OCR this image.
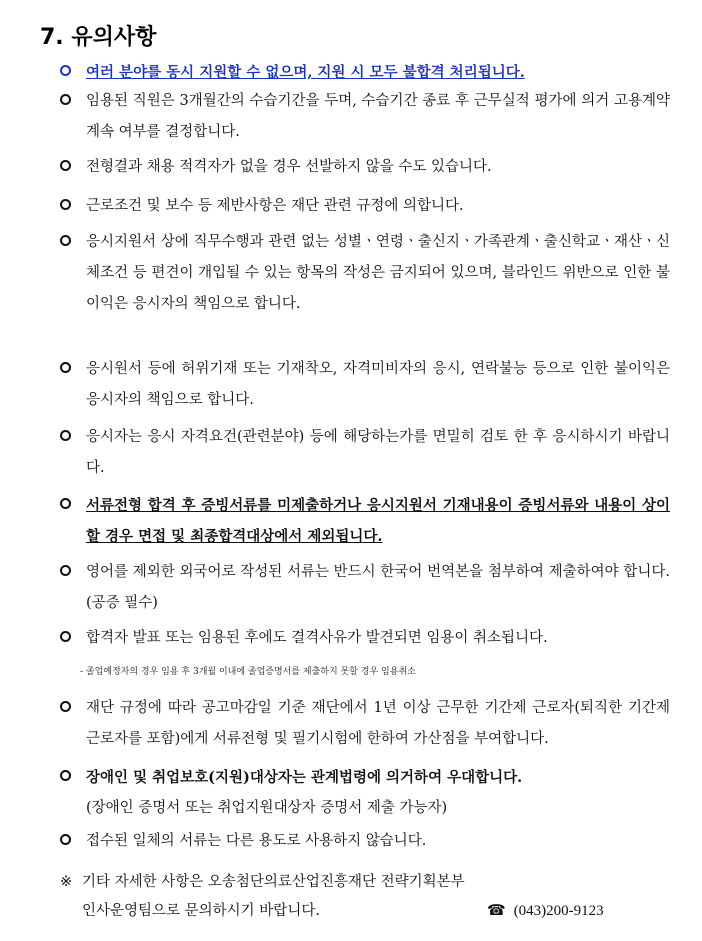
7. 유의사항
여러 분야를 동시 지원할 수 없으며, 지원 시 모두 불합격 처리됩니다.
임용된 직원은 3개월간의 수습기간을 두며, 수습기간 종료 후 근무실적 평가에 의거 고용계약 계속 여부를 결정합니다.
전형결과 채용 적격자가 없을 경우 선발하지 않을 수도 있습니다.
근로조건 및 보수 등 제반사항은 재단 관련 규정에 의합니다.
응시지원서 상에 직무수행과 관련 없는 성별ㆍ연령ㆍ출신지ㆍ가족관계ㆍ출신학교ㆍ재산ㆍ신체조건 등 편견이 개입될 수 있는 항목의 작성은 금지되어 있으며, 블라인드 위반으로 인한 불이익은 응시자의 책임으로 합니다.
응시원서 등에 허위기재 또는 기재착오, 자격미비자의 응시, 연락불능 등으로 인한 불이익은 응시자의 책임으로 합니다.
응시자는 응시 자격요건(관련분야) 등에 해당하는가를 면밀히 검토 한 후 응시하시기 바랍니다.
서류전형 합격 후 증빙서류를 미제출하거나 응시지원서 기재내용이 증빙서류와 내용이 상이할 경우 면접 및 최종합격대상에서 제외됩니다.
영어를 제외한 외국어로 작성된 서류는 반드시 한국어 번역본을 첨부하여 제출하여야 합니다.(공증 필수)
합격자 발표 또는 임용된 후에도 결격사유가 발견되면 임용이 취소됩니다.
- 졸업예정자의 경우 임용 후 3개월 이내에 졸업증명서를 제출하지 못할 경우 임용취소
재단 규정에 따라 공고마감일 기준 재단에서 1년 이상 근무한 기간제 근로자(퇴직한 기간제 근로자를 포함)에게 서류전형 및 필기시험에 한하여 가산점을 부여합니다.
장애인 및 취업보호(지원)대상자는 관계법령에 의거하여 우대합니다.
(장애인 증명서 또는 취업지원대상자 증명서 제출 가능자)
접수된 일체의 서류는 다른 용도로 사용하지 않습니다.
※ 기타 자세한 사항은 오송첨단의료산업진흥재단 전략기획본부
인사운영팀으로 문의하시기 바랍니다.	☎ (043)200-9123
